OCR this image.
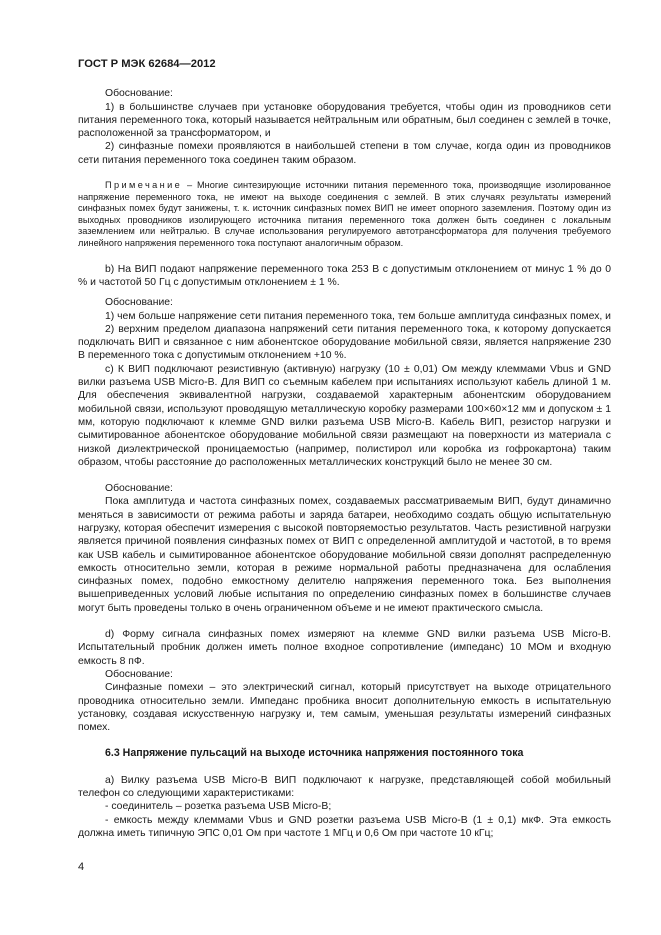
ГОСТ Р МЭК 62684—2012

Обоснование:

1) в большинстве случаев при установке оборудования требуется, чтобы один из проводников сети питания переменного тока, который называется нейтральным или обратным, был соединен с землей в точке, расположенной за трансформатором, и

2) синфазные помехи проявляются в наибольшей степени в том случае, когда один из проводников сети питания переменного тока соединен таким образом.

Примечание – Многие синтезирующие источники питания переменного тока, производящие изолированное напряжение переменного тока, не имеют на выходе соединения с землей. В этих случаях результаты измерений синфазных помех будут занижены, т. к. источник синфазных помех ВИП не имеет опорного заземления. Поэтому один из выходных проводников изолирующего источника питания переменного тока должен быть соединен с локальным заземлением или нейтралью. В случае использования регулируемого автотрансформатора для получения требуемого линейного напряжения переменного тока поступают аналогичным образом.

b) На ВИП подают напряжение переменного тока 253 В с допустимым отклонением от минус 1 % до 0 % и частотой 50 Гц с допустимым отклонением ± 1 %.

Обоснование:

1) чем больше напряжение сети питания переменного тока, тем больше амплитуда синфазных помех, и

2) верхним пределом диапазона напряжений сети питания переменного тока, к которому допускается подключать ВИП и связанное с ним абонентское оборудование мобильной связи, является напряжение 230 В переменного тока с допустимым отклонением +10 %.

c) К ВИП подключают резистивную (активную) нагрузку (10 ± 0,01) Ом между клеммами Vbus и GND вилки разъема USB Micro-B. Для ВИП со съемным кабелем при испытаниях используют кабель длиной 1 м. Для обеспечения эквивалентной нагрузки, создаваемой характерным абонентским оборудованием мобильной связи, используют проводящую металлическую коробку размерами 100×60×12 мм и допуском ± 1 мм, которую подключают к клемме GND вилки разъема USB Micro-B. Кабель ВИП, резистор нагрузки и сымитированное абонентское оборудование мобильной связи размещают на поверхности из материала с низкой диэлектрической проницаемостью (например, полистирол или коробка из гофрокартона) таким образом, чтобы расстояние до расположенных металлических конструкций было не менее 30 см.

Обоснование:

Пока амплитуда и частота синфазных помех, создаваемых рассматриваемым ВИП, будут динамично меняться в зависимости от режима работы и заряда батареи, необходимо создать общую испытательную нагрузку, которая обеспечит измерения с высокой повторяемостью результатов. Часть резистивной нагрузки является причиной появления синфазных помех от ВИП с определенной амплитудой и частотой, в то время как USB кабель и сымитированное абонентское оборудование мобильной связи дополнят распределенную емкость относительно земли, которая в режиме нормальной работы предназначена для ослабления синфазных помех, подобно емкостному делителю напряжения переменного тока. Без выполнения вышеприведенных условий любые испытания по определению синфазных помех в большинстве случаев могут быть проведены только в очень ограниченном объеме и не имеют практического смысла.

d) Форму сигнала синфазных помех измеряют на клемме GND вилки разъема USB Micro-B. Испытательный пробник должен иметь полное входное сопротивление (импеданс) 10 МОм и входную емкость 8 пФ.

Обоснование:

Синфазные помехи – это электрический сигнал, который присутствует на выходе отрицательного проводника относительно земли. Импеданс пробника вносит дополнительную емкость в испытательную установку, создавая искусственную нагрузку и, тем самым, уменьшая результаты измерений синфазных помех.

6.3 Напряжение пульсаций на выходе источника напряжения постоянного тока

a) Вилку разъема USB Micro-B ВИП подключают к нагрузке, представляющей собой мобильный телефон со следующими характеристиками:

- соединитель – розетка разъема USB Micro-B;

- емкость между клеммами Vbus и GND розетки разъема USB Micro-B (1 ± 0,1) мкФ. Эта емкость должна иметь типичную ЭПС 0,01 Ом при частоте 1 МГц и 0,6 Ом при частоте 10 кГц;

4
